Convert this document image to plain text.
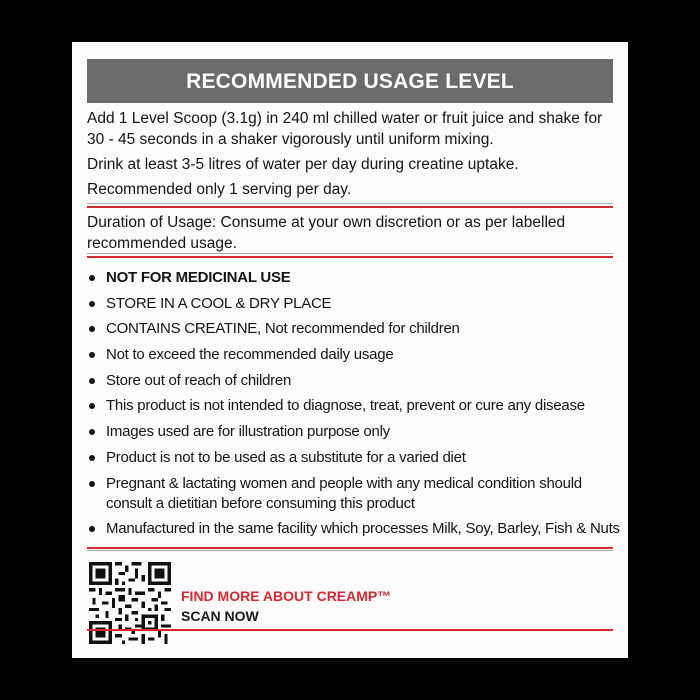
RECOMMENDED USAGE LEVEL
Add 1 Level Scoop (3.1g) in 240 ml chilled water or fruit juice and shake for 30 - 45 seconds in a shaker vigorously until uniform mixing.
Drink at least 3-5 litres of water per day during creatine uptake.
Recommended only 1 serving per day.
Duration of Usage: Consume at your own discretion or as per labelled recommended usage.
NOT FOR MEDICINAL USE
STORE IN A COOL & DRY PLACE
CONTAINS CREATINE, Not recommended for children
Not to exceed the recommended daily usage
Store out of reach of children
This product is not intended to diagnose, treat, prevent or cure any disease
Images used are for illustration purpose only
Product is not to be used as a substitute for a varied diet
Pregnant & lactating women and people with any medical condition should consult a dietitian before consuming this product
Manufactured in the same facility which processes Milk, Soy, Barley, Fish & Nuts
FIND MORE ABOUT CREAMP™
SCAN NOW
